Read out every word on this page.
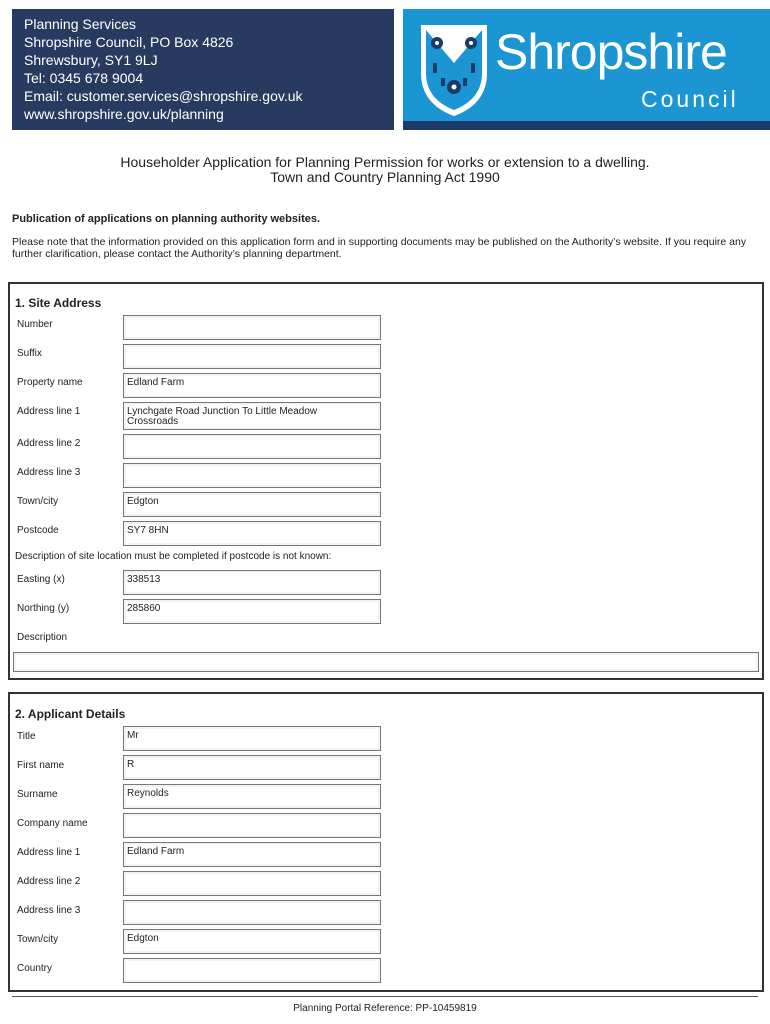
Planning Services
Shropshire Council, PO Box 4826
Shrewsbury, SY1 9LJ
Tel: 0345 678 9004
Email: customer.services@shropshire.gov.uk
www.shropshire.gov.uk/planning
Shropshire
Council
Householder Application for Planning Permission for works or extension to a dwelling.
Town and Country Planning Act 1990
Publication of applications on planning authority websites.
Please note that the information provided on this application form and in supporting documents may be published on the Authority’s website. If you require any further clarification, please contact the Authority’s planning department.
1. Site Address
Number
Suffix
Property name	Edland Farm
Address line 1	Lynchgate Road Junction To Little Meadow Crossroads
Address line 2
Address line 3
Town/city	Edgton
Postcode	SY7 8HN
Description of site location must be completed if postcode is not known:
Easting (x)	338513
Northing (y)	285860
Description
2. Applicant Details
Title	Mr
First name	R
Surname	Reynolds
Company name
Address line 1	Edland Farm
Address line 2
Address line 3
Town/city	Edgton
Country
Planning Portal Reference: PP-10459819
